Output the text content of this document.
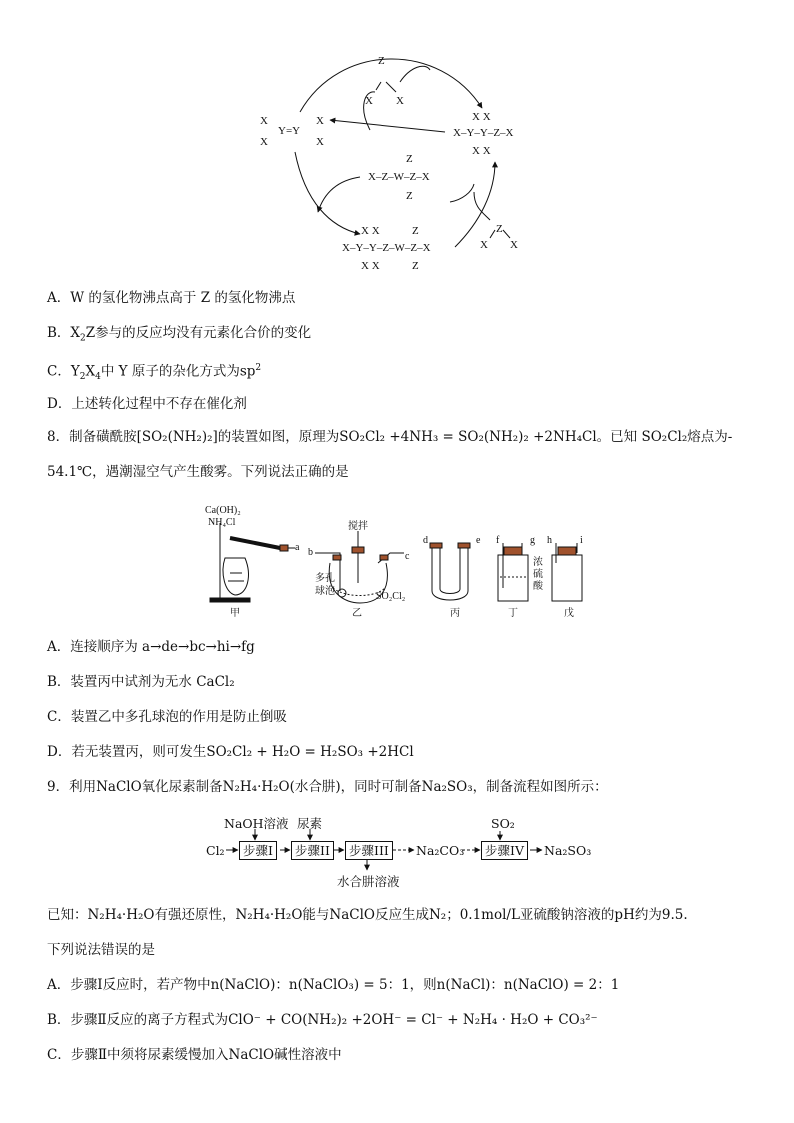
X
X
Y=Y
X
X
Z
X X
X X
X–Y–Y–Z–X
X X
Z
X–Z–W–Z–X
Z
X X	Z
X–Y–Y–Z–W–Z–X
X X	Z
Z
X X
A．W 的氢化物沸点高于 Z 的氢化物沸点
B．$X_2Z$参与的反应均没有元素化合价的变化
C．$Y_2X_4$中 Y 原子的杂化方式为$sp^2$
D．上述转化过程中不存在催化剂
8．制备磺酰胺[SO₂(NH₂)₂]的装置如图，原理为SO₂Cl₂ +4NH₃ = SO₂(NH₂)₂ +2NH₄Cl。已知 SO₂Cl₂熔点为-
54.1℃，遇潮湿空气产生酸雾。下列说法正确的是
Ca(OH)₂
NH₄Cl
a b	c
搅拌
多孔
球泡	SO₂Cl₂
d	e f	g h	i
浓
硫
酸
甲	乙	丙	丁	戊
A．连接顺序为 a→de→bc→hi→fg
B．装置丙中试剂为无水 CaCl₂
C．装置乙中多孔球泡的作用是防止倒吸
D．若无装置丙，则可发生SO₂Cl₂ + H₂O = H₂SO₃ +2HCl
9．利用NaClO氧化尿素制备N₂H₄·H₂O(水合肼)，同时可制备Na₂SO₃，制备流程如图所示：
NaOH溶液 尿素	SO₂
Cl₂	步骤I	步骤II	步骤III	Na₂CO₃	步骤IV	Na₂SO₃
水合肼溶液
已知：N₂H₄·H₂O有强还原性，N₂H₄·H₂O能与NaClO反应生成N₂；0.1mol/L亚硫酸钠溶液的pH约为9.5.
下列说法错误的是
A．步骤I反应时，若产物中n(NaClO)：n(NaClO₃) = 5：1，则n(NaCl)：n(NaClO) = 2：1
B．步骤Ⅱ反应的离子方程式为ClO⁻ + CO(NH₂)₂ +2OH⁻ = Cl⁻ + N₂H₄ · H₂O + CO₃²⁻
C．步骤Ⅱ中须将尿素缓慢加入NaClO碱性溶液中
